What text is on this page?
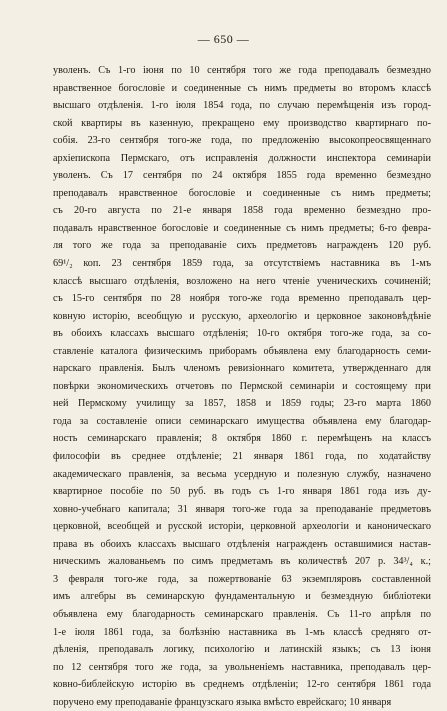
— 650 —
уволенъ. Съ 1-го іюня по 10 сентября того же года преподавалъ безмездно
нравственное богословіе и соединенные съ нимъ предметы во второмъ классѣ
высшаго отдѣленія. 1-го іюля 1854 года, по случаю перемѣщенія изъ город-
ской квартиры въ казенную, прекращено ему производство квартирнаго по-
собія. 23-го сентября того-же года, по предложенію высокопреосвященнаго
архіепископа Пермскаго, отъ исправленія должности инспектора семинаріи
уволенъ. Съ 17 сентября по 24 октября 1855 года временно безмездно
преподавалъ нравственное богословіе и соединенные съ нимъ предметы;
съ 20-го августа по 21-е января 1858 года временно безмездно про-
подавалъ нравственное богословіе и соединенные съ нимъ предметы; 6-го февра-
ля того же года за преподаваніе сихъ предметовъ награжденъ 120 руб.
69¹/₂ коп. 23 сентября 1859 года, за отсутствіемъ наставника въ 1-мъ
классѣ высшаго отдѣленія, возложено на него чтеніе ученическихъ сочиненій;
съ 15-го сентября по 28 ноября того-же года временно преподавалъ цер-
ковную исторію, всеобщую и русскую, археологію и церковное законовѣдѣніе
въ обоихъ классахъ высшаго отдѣленія; 10-го октября того-же года, за со-
ставленіе каталога физическимъ приборамъ объявлена ему благодарность семи-
нарскаго правленія. Былъ членомъ ревизіоннаго комитета, утвержденнаго для
повѣрки экономическихъ отчетовъ по Пермской семинаріи и состоящему при
ней Пермскому училищу за 1857, 1858 и 1859 годы; 23-го марта 1860
года за составленіе описи семинарскаго имущества объявлена ему благодар-
ность семинарскаго правленія; 8 октября 1860 г. перемѣщенъ на классъ
философіи въ среднее отдѣленіе; 21 января 1861 года, по ходатайству
академическаго правленія, за весьма усердную и полезную службу, назначено
квартирное пособіе по 50 руб. въ годъ съ 1-го января 1861 года изъ ду-
ховно-учебнаго капитала; 31 января того-же года за преподаваніе предметовъ
церковной, всеобщей и русской исторіи, церковной археологіи и каноническаго
права въ обоихъ классахъ высшаго отдѣленія награжденъ оставшимися настав-
ническимъ жалованьемъ по симъ предметамъ въ количествѣ 207 р. 34³/₄ к.;
3 февраля того-же года, за пожертвованіе 63 экземпляровъ составленной
имъ алгебры въ семинарскую фундаментальную и безмездную библіотеки
объявлена ему благодарность семинарскаго правленія. Съ 11-го апрѣля по
1-е іюля 1861 года, за болѣзнію наставника въ 1-мъ классѣ средняго от-
дѣленія, преподавалъ логику, психологію и латинскій языкъ; съ 13 іюня
по 12 сентября того же года, за увольненіемъ наставника, преподавалъ цер-
ковно-библейскую исторію въ среднемъ отдѣленіи; 12-го сентября 1861 года
поручено ему преподаваніе французскаго языка вмѣсто еврейскаго; 10 января
